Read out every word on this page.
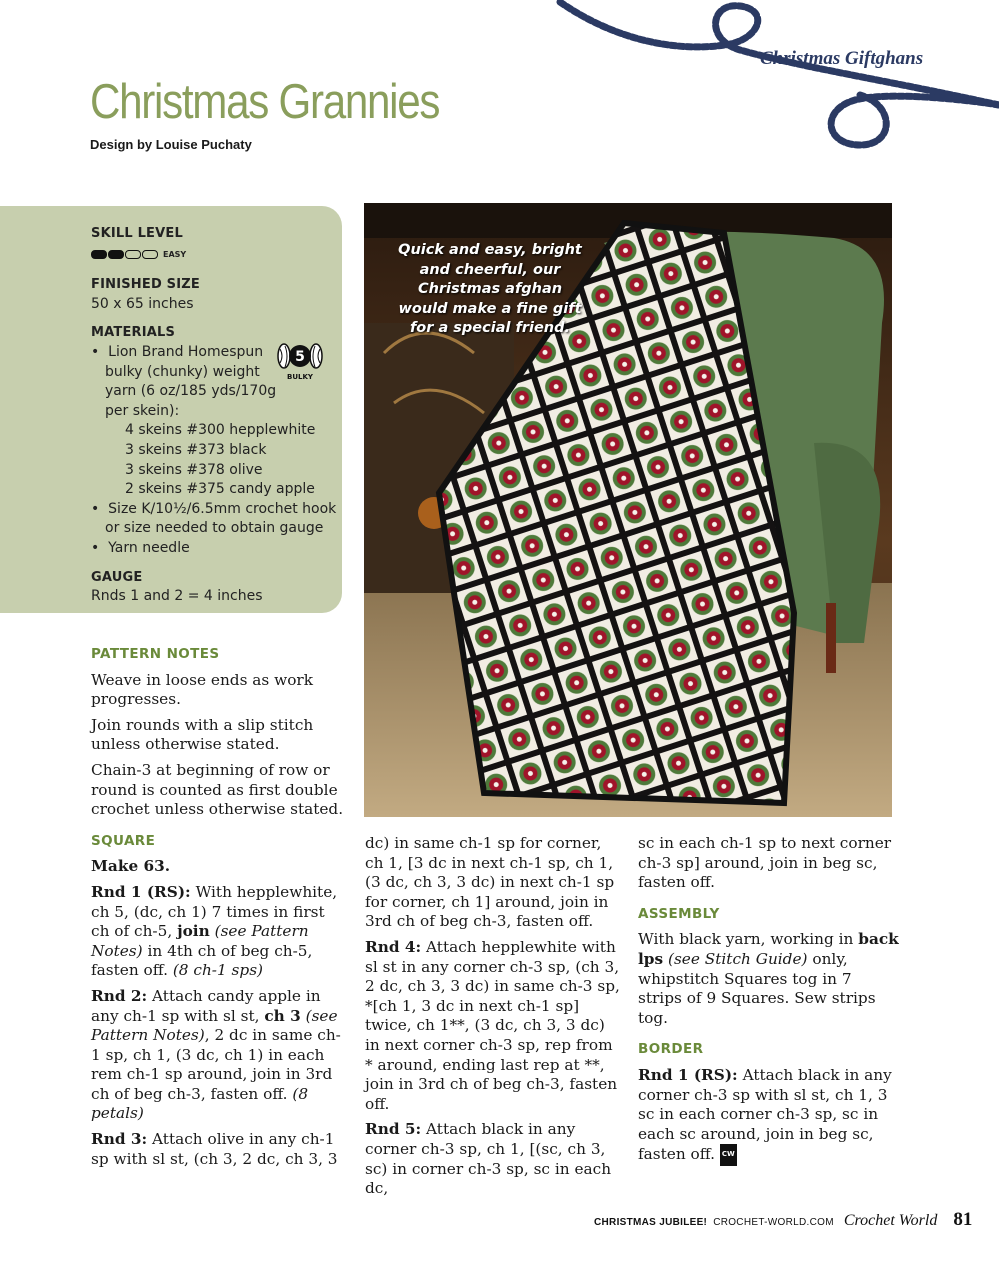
Christmas Giftghans
Christmas Grannies
Design by Louise Puchaty

SKILL LEVEL

EASY

FINISHED SIZE

50 x 65 inches

MATERIALS

•  Lion Brand Homespun bulky (chunky) weight yarn (6 oz/185 yds/170g per skein):
4 skeins #300 hepplewhite
3 skeins #373 black
3 skeins #378 olive
2 skeins #375 candy apple
•  Size K/10½/6.5mm crochet hook or size needed to obtain gauge
•  Yarn needle

GAUGE

Rnds 1 and 2 = 4 inches
5
BULKY
Quick and easy, bright and cheerful, our Christmas afghan would make a fine gift for a special friend.

PATTERN NOTES

Weave in loose ends as work progresses.

Join rounds with a slip stitch unless otherwise stated.

Chain-3 at beginning of row or round is counted as first double crochet unless otherwise stated.

SQUARE

Make 63.

Rnd 1 (RS): With hepplewhite, ch 5, (dc, ch 1) 7 times in first ch of ch-5, join (see Pattern Notes) in 4th ch of beg ch-5, fasten off. (8 ch-1 sps)

Rnd 2: Attach candy apple in any ch-1 sp with sl st, ch 3 (see Pattern Notes), 2 dc in same ch-1 sp, ch 1, (3 dc, ch 1) in each rem ch-1 sp around, join in 3rd ch of beg ch-3, fasten off. (8 petals)

Rnd 3: Attach olive in any ch-1 sp with sl st, (ch 3, 2 dc, ch 3, 3

dc) in same ch-1 sp for corner, ch 1, [3 dc in next ch-1 sp, ch 1, (3 dc, ch 3, 3 dc) in next ch-1 sp for corner, ch 1] around, join in 3rd ch of beg ch-3, fasten off.

Rnd 4: Attach hepplewhite with sl st in any corner ch-3 sp, (ch 3, 2 dc, ch 3, 3 dc) in same ch-3 sp, *[ch 1, 3 dc in next ch-1 sp] twice, ch 1**, (3 dc, ch 3, 3 dc) in next corner ch-3 sp, rep from * around, ending last rep at **, join in 3rd ch of beg ch-3, fasten off.

Rnd 5: Attach black in any corner ch-3 sp, ch 1, [(sc, ch 3, sc) in corner ch-3 sp, sc in each dc,

sc in each ch-1 sp to next corner ch-3 sp] around, join in beg sc, fasten off.

ASSEMBLY

With black yarn, working in back lps (see Stitch Guide) only, whipstitch Squares tog in 7 strips of 9 Squares. Sew strips tog.

BORDER

Rnd 1 (RS): Attach black in any corner ch-3 sp with sl st, ch 1, 3 sc in each corner ch-3 sp, sc in each sc around, join in beg sc, fasten off. CW

CHRISTMAS JUBILEE! CROCHET-WORLD.COM Crochet World 81
